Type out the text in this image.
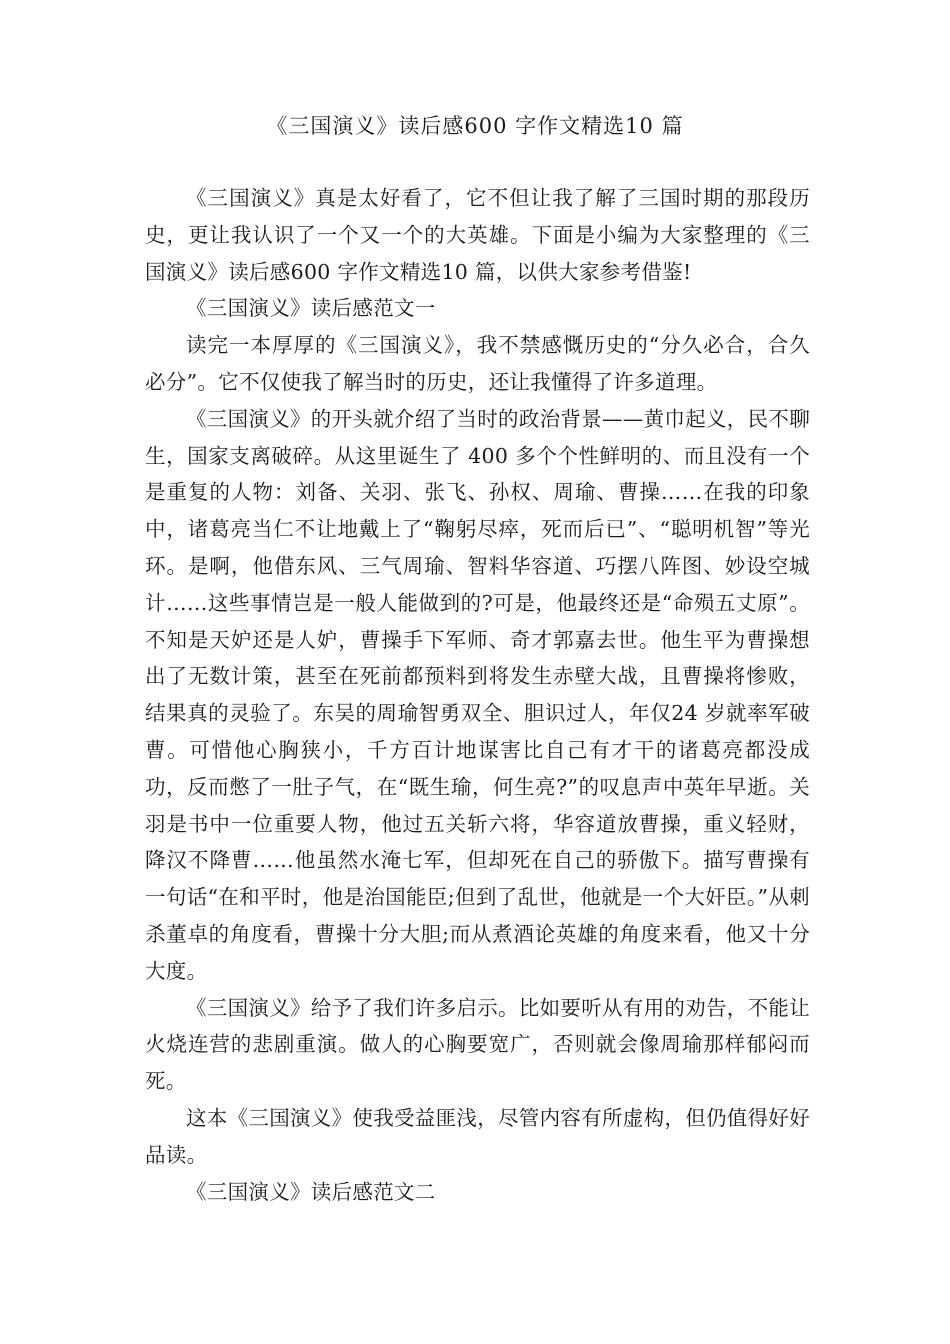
《三国演义》读后感600 字作文精选10 篇

《三国演义》真是太好看了，它不但让我了解了三国时期的那段历史，更让我认识了一个又一个的大英雄。下面是小编为大家整理的《三国演义》读后感600 字作文精选10 篇，以供大家参考借鉴!

《三国演义》读后感范文一

读完一本厚厚的《三国演义》，我不禁感慨历史的“分久必合，合久必分”。它不仅使我了解当时的历史，还让我懂得了许多道理。

《三国演义》的开头就介绍了当时的政治背景——黄巾起义，民不聊生，国家支离破碎。从这里诞生了 400 多个个性鲜明的、而且没有一个是重复的人物：刘备、关羽、张飞、孙权、周瑜、曹操……在我的印象中，诸葛亮当仁不让地戴上了“鞠躬尽瘁，死而后已”、“聪明机智”等光环。是啊，他借东风、三气周瑜、智料华容道、巧摆八阵图、妙设空城计……这些事情岂是一般人能做到的?可是，他最终还是“命殒五丈原”。不知是天妒还是人妒，曹操手下军师、奇才郭嘉去世。他生平为曹操想出了无数计策，甚至在死前都预料到将发生赤壁大战，且曹操将惨败，结果真的灵验了。东吴的周瑜智勇双全、胆识过人，年仅24 岁就率军破曹。可惜他心胸狭小，千方百计地谋害比自己有才干的诸葛亮都没成功，反而憋了一肚子气，在“既生瑜，何生亮?”的叹息声中英年早逝。关羽是书中一位重要人物，他过五关斩六将，华容道放曹操，重义轻财，降汉不降曹……他虽然水淹七军，但却死在自己的骄傲下。描写曹操有一句话“在和平时，他是治国能臣;但到了乱世，他就是一个大奸臣。”从刺杀董卓的角度看，曹操十分大胆;而从煮酒论英雄的角度来看，他又十分大度。

《三国演义》给予了我们许多启示。比如要听从有用的劝告，不能让火烧连营的悲剧重演。做人的心胸要宽广，否则就会像周瑜那样郁闷而死。

这本《三国演义》使我受益匪浅，尽管内容有所虚构，但仍值得好好品读。

《三国演义》读后感范文二
